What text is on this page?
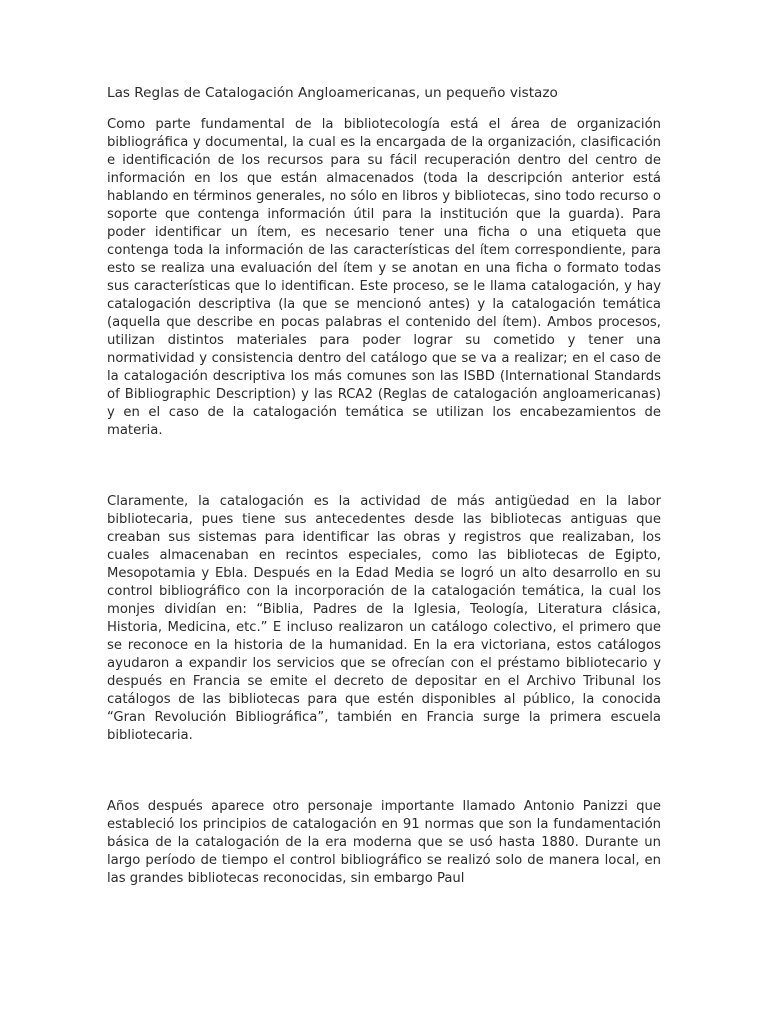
Las Reglas de Catalogación Angloamericanas, un pequeño vistazo

Como parte fundamental de la bibliotecología está el área de organización bibliográfica y documental, la cual es la encargada de la organización, clasificación e identificación de los recursos para su fácil recuperación dentro del centro de información en los que están almacenados (toda la descripción anterior está hablando en términos generales, no sólo en libros y bibliotecas, sino todo recurso o soporte que contenga información útil para la institución que la guarda). Para poder identificar un ítem, es necesario tener una ficha o una etiqueta que contenga toda la información de las características del ítem correspondiente, para esto se realiza una evaluación del ítem y se anotan en una ficha o formato todas sus características que lo identifican. Este proceso, se le llama catalogación, y hay catalogación descriptiva (la que se mencionó antes) y la catalogación temática (aquella que describe en pocas palabras el contenido del ítem). Ambos procesos, utilizan distintos materiales para poder lograr su cometido y tener una normatividad y consistencia dentro del catálogo que se va a realizar; en el caso de la catalogación descriptiva los más comunes son las ISBD (International Standards of Bibliographic Description) y las RCA2 (Reglas de catalogación angloamericanas) y en el caso de la catalogación temática se utilizan los encabezamientos de materia.

Claramente, la catalogación es la actividad de más antigüedad en la labor bibliotecaria, pues tiene sus antecedentes desde las bibliotecas antiguas que creaban sus sistemas para identificar las obras y registros que realizaban, los cuales almacenaban en recintos especiales, como las bibliotecas de Egipto, Mesopotamia y Ebla. Después en la Edad Media se logró un alto desarrollo en su control bibliográfico con la incorporación de la catalogación temática, la cual los monjes dividían en: “Biblia, Padres de la Iglesia, Teología, Literatura clásica, Historia, Medicina, etc.” E incluso realizaron un catálogo colectivo, el primero que se reconoce en la historia de la humanidad. En la era victoriana, estos catálogos ayudaron a expandir los servicios que se ofrecían con el préstamo bibliotecario y después en Francia se emite el decreto de depositar en el Archivo Tribunal los catálogos de las bibliotecas para que estén disponibles al público, la conocida “Gran Revolución Bibliográfica”, también en Francia surge la primera escuela bibliotecaria.

Años después aparece otro personaje importante llamado Antonio Panizzi que estableció los principios de catalogación en 91 normas que son la fundamentación básica de la catalogación de la era moderna que se usó hasta 1880. Durante un largo período de tiempo el control bibliográfico se realizó solo de manera local, en las grandes bibliotecas reconocidas, sin embargo Paul
